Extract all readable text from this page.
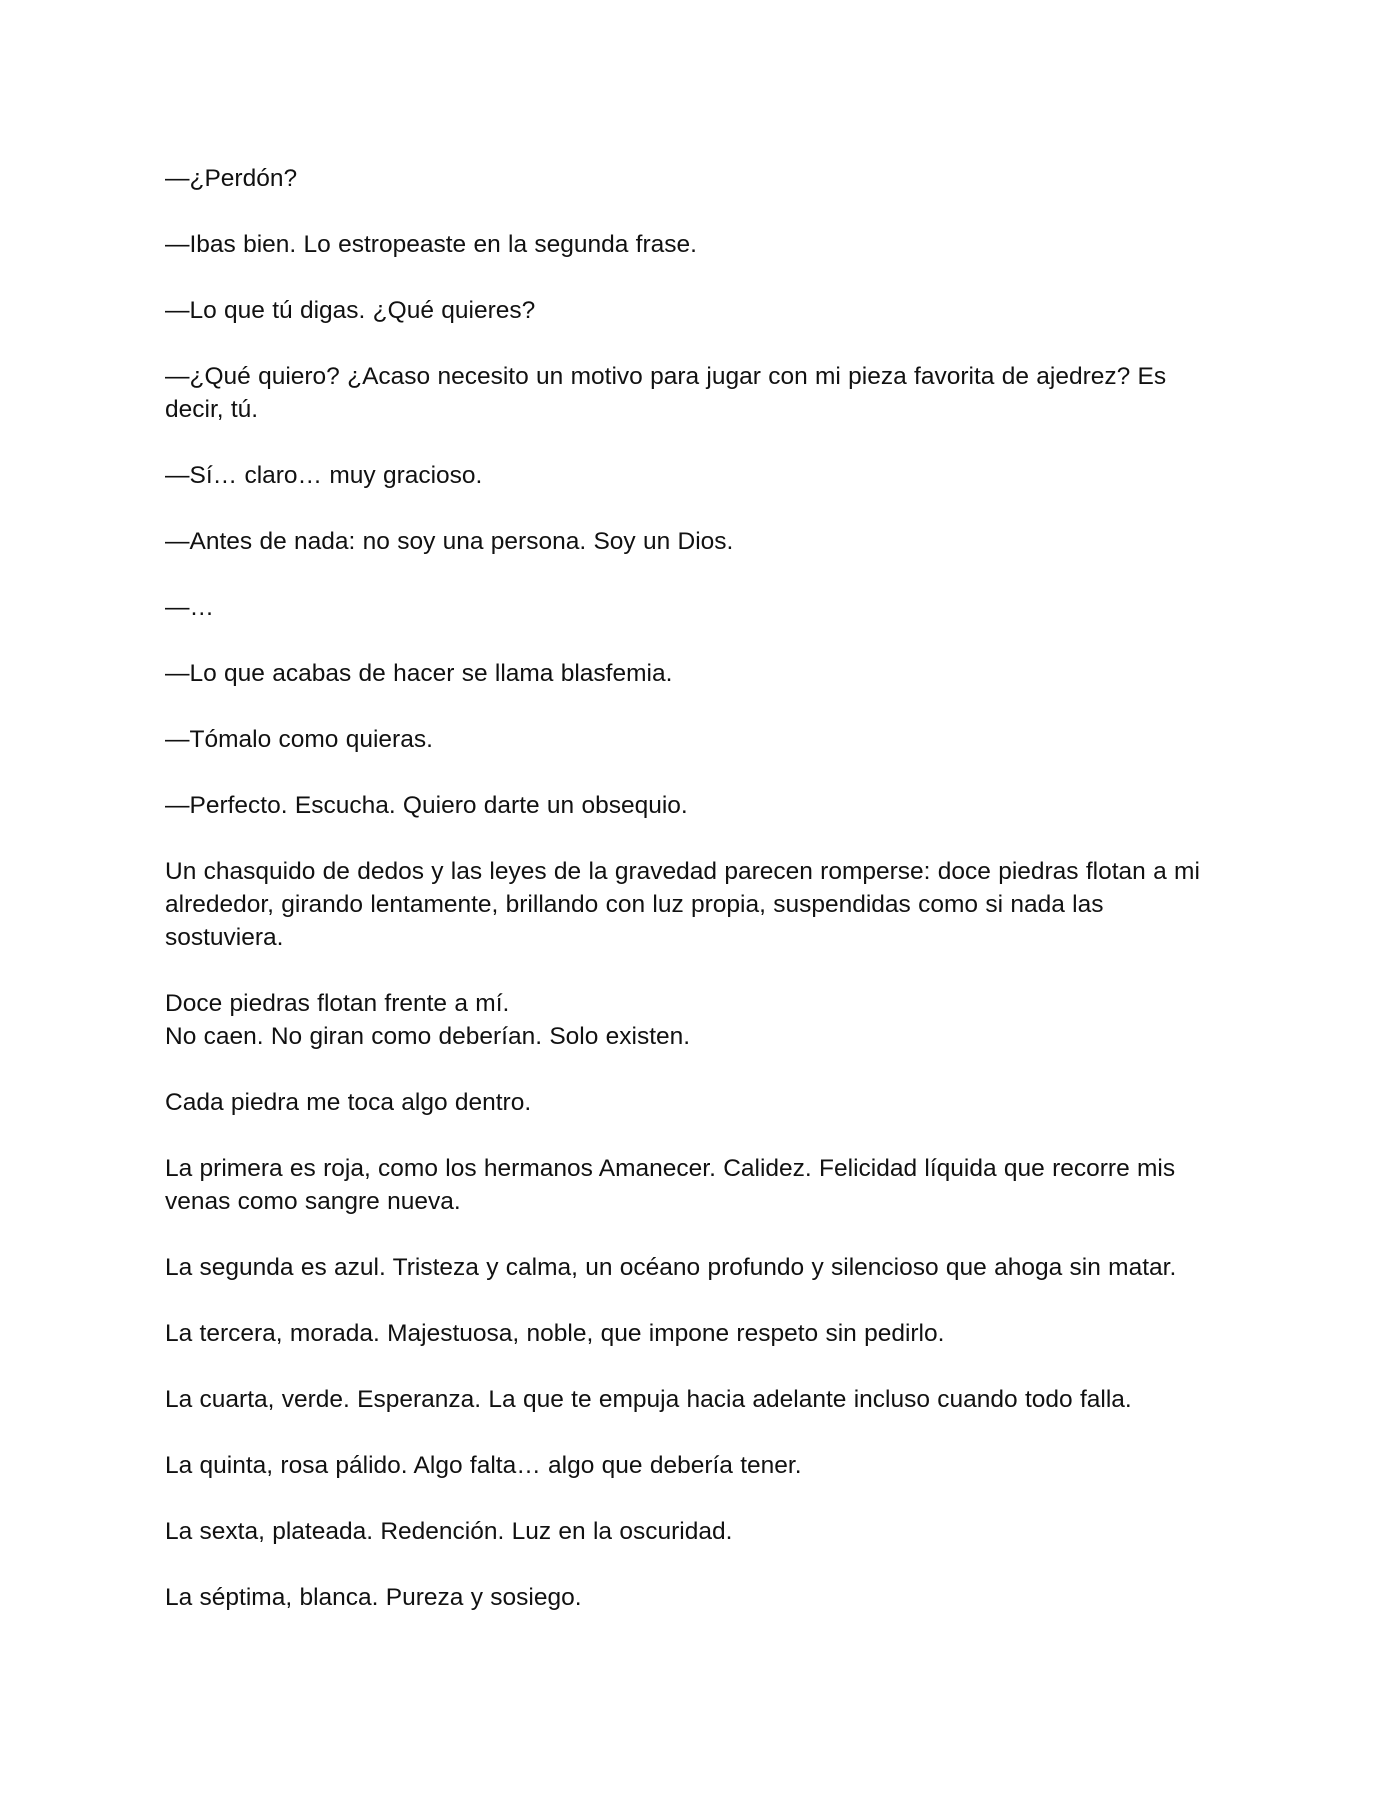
—¿Perdón?

—Ibas bien. Lo estropeaste en la segunda frase.

—Lo que tú digas. ¿Qué quieres?

—¿Qué quiero? ¿Acaso necesito un motivo para jugar con mi pieza favorita de ajedrez? Es
decir, tú.

—Sí… claro… muy gracioso.

—Antes de nada: no soy una persona. Soy un Dios.

—…

—Lo que acabas de hacer se llama blasfemia.

—Tómalo como quieras.

—Perfecto. Escucha. Quiero darte un obsequio.

Un chasquido de dedos y las leyes de la gravedad parecen romperse: doce piedras flotan a mi
alrededor, girando lentamente, brillando con luz propia, suspendidas como si nada las
sostuviera.

Doce piedras flotan frente a mí.
No caen. No giran como deberían. Solo existen.

Cada piedra me toca algo dentro.

La primera es roja, como los hermanos Amanecer. Calidez. Felicidad líquida que recorre mis
venas como sangre nueva.

La segunda es azul. Tristeza y calma, un océano profundo y silencioso que ahoga sin matar.

La tercera, morada. Majestuosa, noble, que impone respeto sin pedirlo.

La cuarta, verde. Esperanza. La que te empuja hacia adelante incluso cuando todo falla.

La quinta, rosa pálido. Algo falta… algo que debería tener.

La sexta, plateada. Redención. Luz en la oscuridad.

La séptima, blanca. Pureza y sosiego.
